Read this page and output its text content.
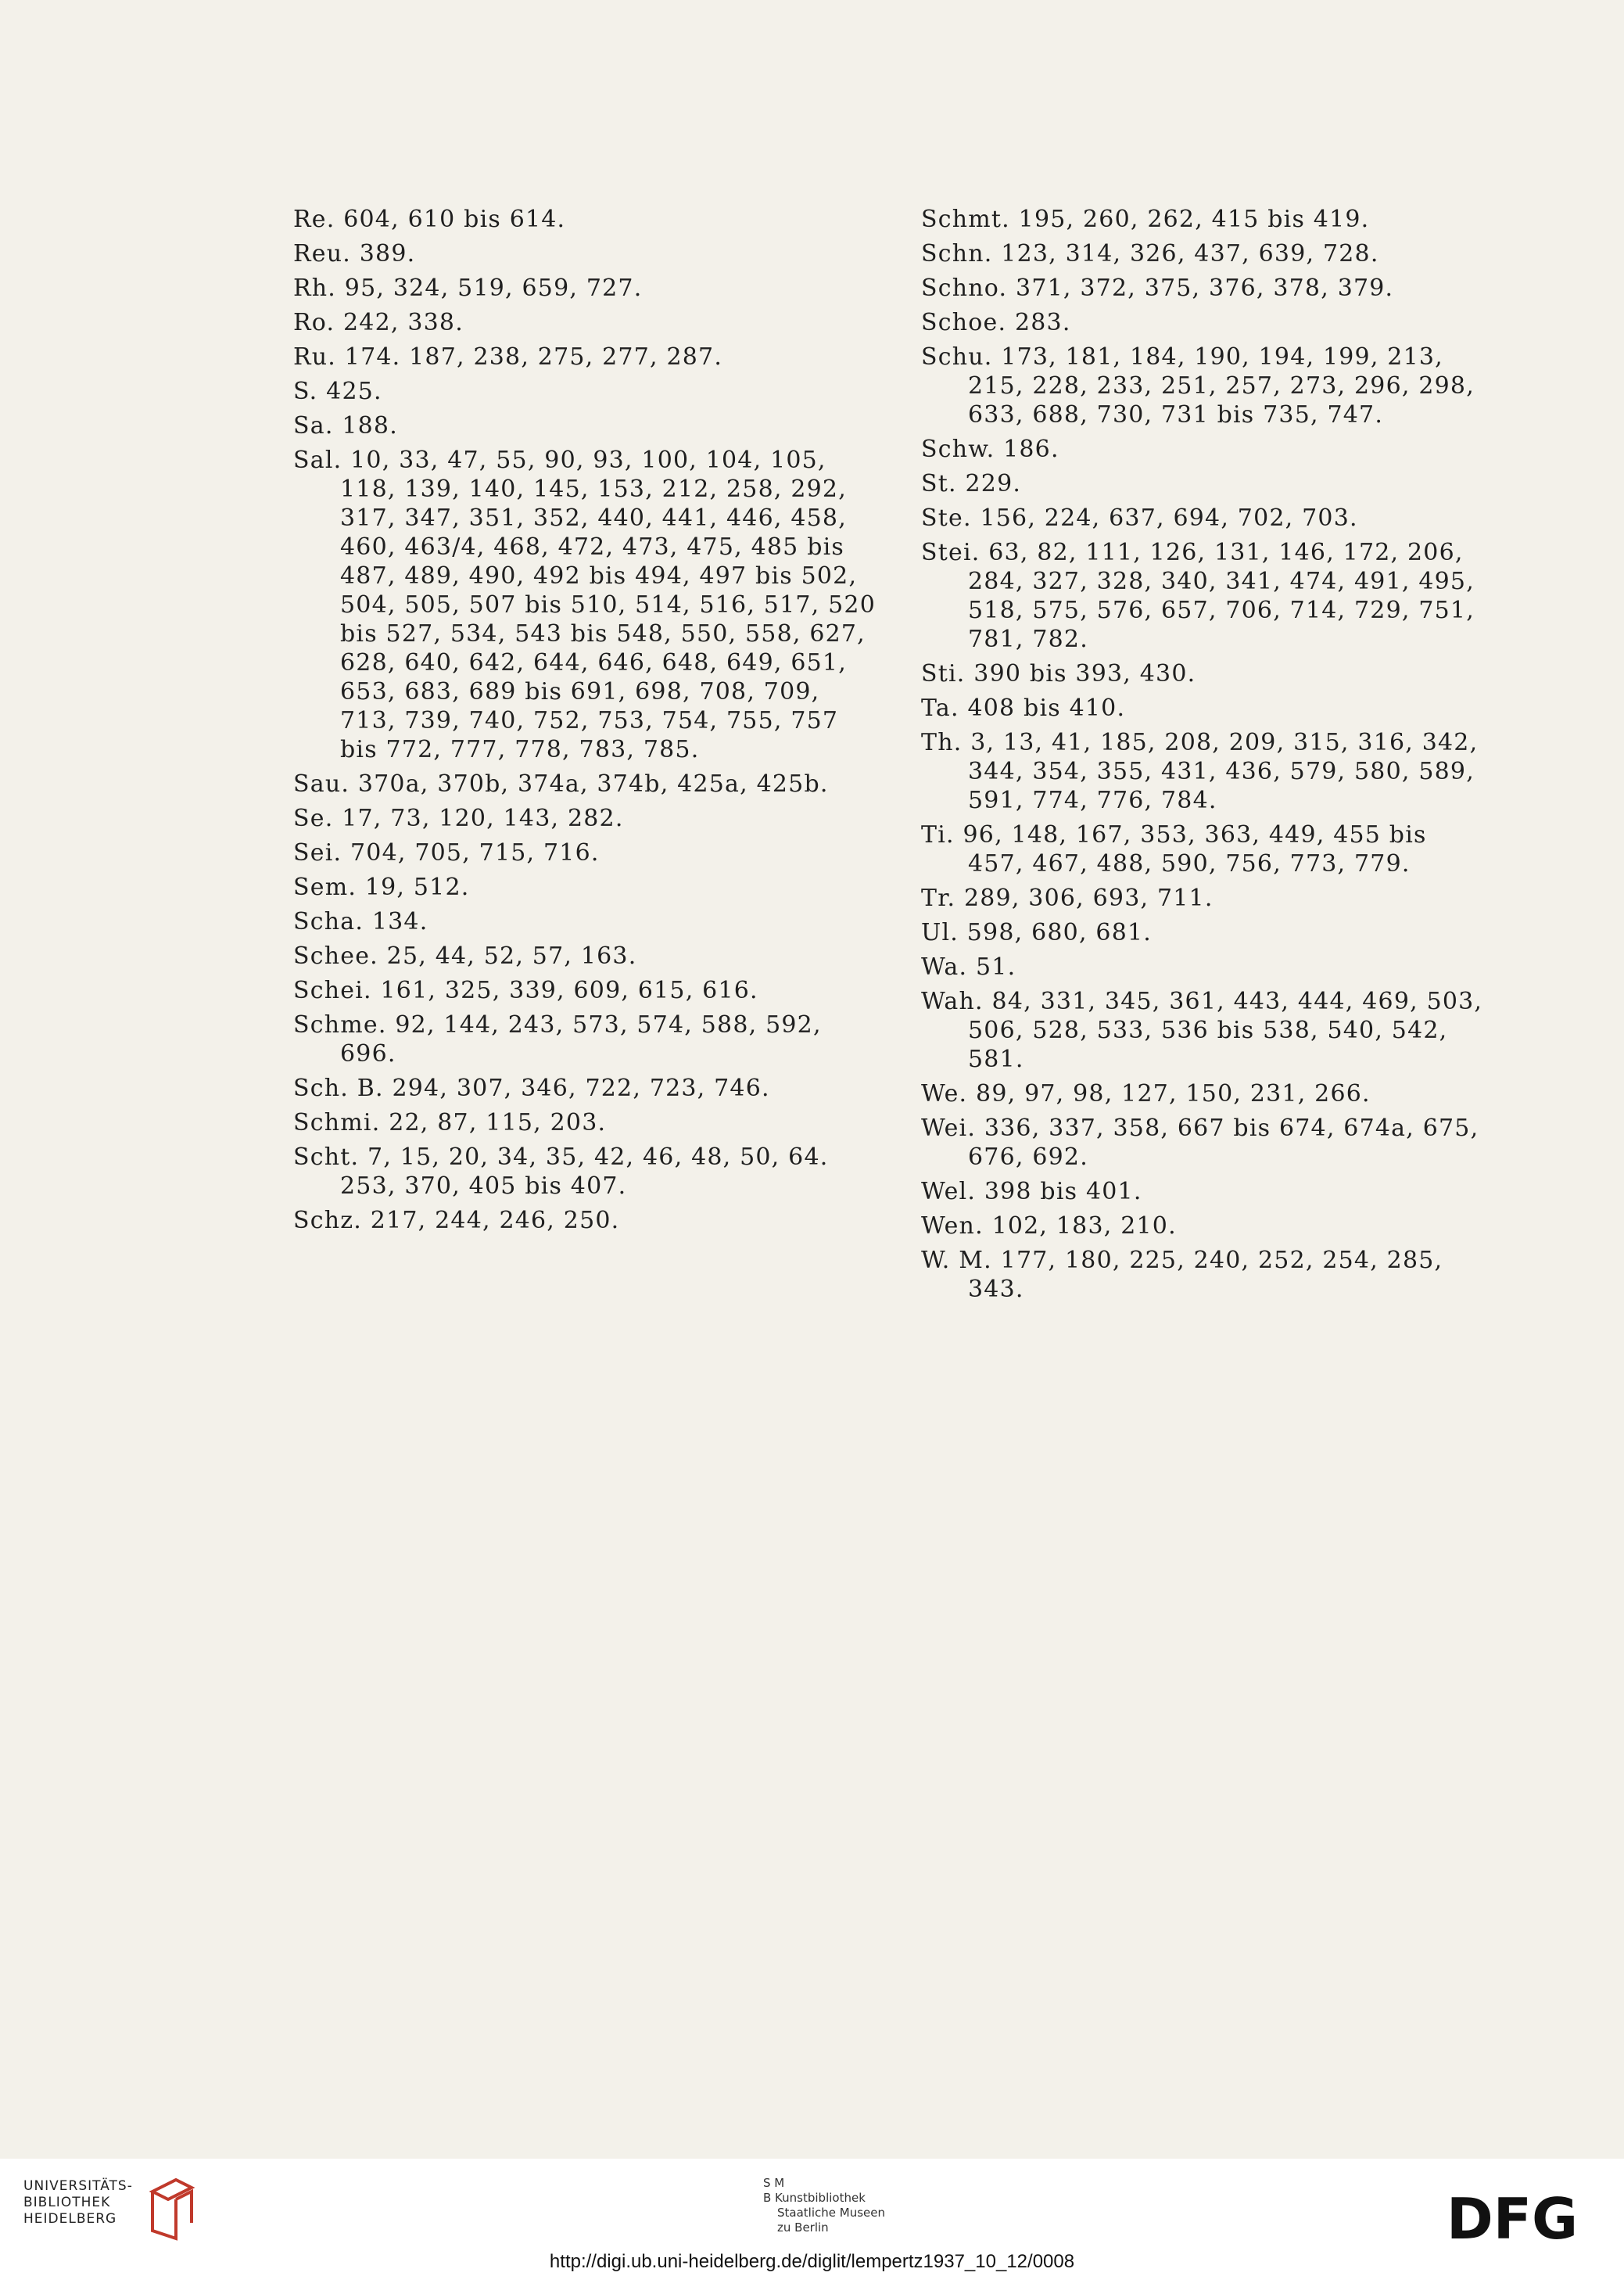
Re. 604, 610 bis 614.
Reu. 389.
Rh. 95, 324, 519, 659, 727.
Ro. 242, 338.
Ru. 174. 187, 238, 275, 277, 287.
S. 425.
Sa. 188.
Sal. 10, 33, 47, 55, 90, 93, 100, 104, 105, 118, 139, 140, 145, 153, 212, 258, 292, 317, 347, 351, 352, 440, 441, 446, 458, 460, 463/4, 468, 472, 473, 475, 485 bis 487, 489, 490, 492 bis 494, 497 bis 502, 504, 505, 507 bis 510, 514, 516, 517, 520 bis 527, 534, 543 bis 548, 550, 558, 627, 628, 640, 642, 644, 646, 648, 649, 651, 653, 683, 689 bis 691, 698, 708, 709, 713, 739, 740, 752, 753, 754, 755, 757 bis 772, 777, 778, 783, 785.
Sau. 370a, 370b, 374a, 374b, 425a, 425b.
Se. 17, 73, 120, 143, 282.
Sei. 704, 705, 715, 716.
Sem. 19, 512.
Scha. 134.
Schee. 25, 44, 52, 57, 163.
Schei. 161, 325, 339, 609, 615, 616.
Schme. 92, 144, 243, 573, 574, 588, 592, 696.
Sch. B. 294, 307, 346, 722, 723, 746.
Schmi. 22, 87, 115, 203.
Scht. 7, 15, 20, 34, 35, 42, 46, 48, 50, 64. 253, 370, 405 bis 407.
Schz. 217, 244, 246, 250.
Schmt. 195, 260, 262, 415 bis 419.
Schn. 123, 314, 326, 437, 639, 728.
Schno. 371, 372, 375, 376, 378, 379.
Schoe. 283.
Schu. 173, 181, 184, 190, 194, 199, 213, 215, 228, 233, 251, 257, 273, 296, 298, 633, 688, 730, 731 bis 735, 747.
Schw. 186.
St. 229.
Ste. 156, 224, 637, 694, 702, 703.
Stei. 63, 82, 111, 126, 131, 146, 172, 206, 284, 327, 328, 340, 341, 474, 491, 495, 518, 575, 576, 657, 706, 714, 729, 751, 781, 782.
Sti. 390 bis 393, 430.
Ta. 408 bis 410.
Th. 3, 13, 41, 185, 208, 209, 315, 316, 342, 344, 354, 355, 431, 436, 579, 580, 589, 591, 774, 776, 784.
Ti. 96, 148, 167, 353, 363, 449, 455 bis 457, 467, 488, 590, 756, 773, 779.
Tr. 289, 306, 693, 711.
Ul. 598, 680, 681.
Wa. 51.
Wah. 84, 331, 345, 361, 443, 444, 469, 503, 506, 528, 533, 536 bis 538, 540, 542, 581.
We. 89, 97, 98, 127, 150, 231, 266.
Wei. 336, 337, 358, 667 bis 674, 674a, 675, 676, 692.
Wel. 398 bis 401.
Wen. 102, 183, 210.
W. M. 177, 180, 225, 240, 252, 254, 285, 343.
UNIVERSITÄTS-
BIBLIOTHEK
HEIDELBERG
S M
B Kunstbibliothek
Staatliche Museen
zu Berlin	DFG
http://digi.ub.uni-heidelberg.de/diglit/lempertz1937_10_12/0008
